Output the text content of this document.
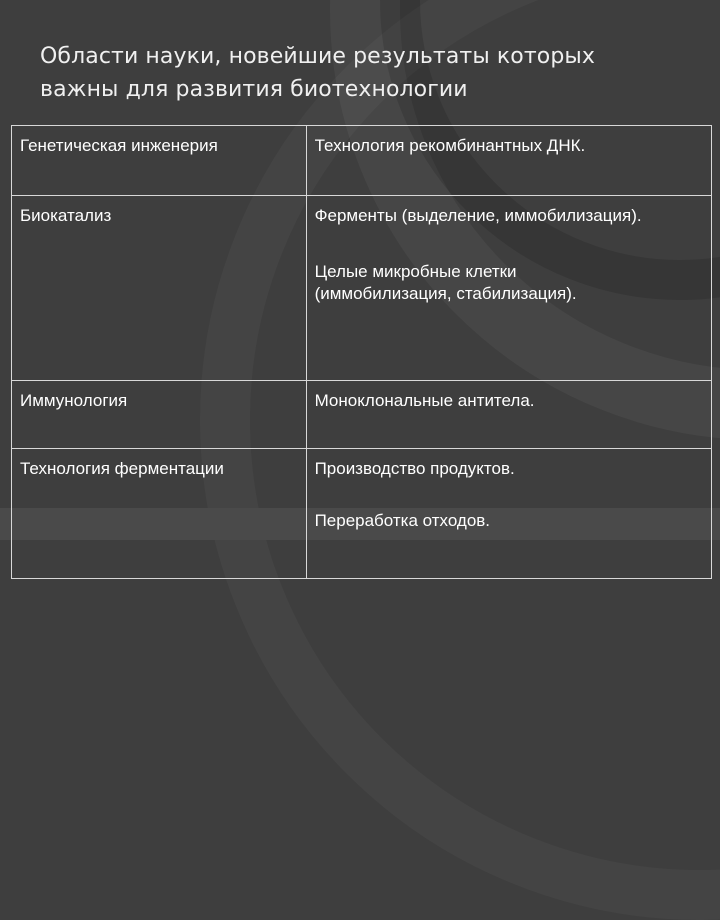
Области науки, новейшие результаты которых
важны для развития биотехнологии
Генетическая инженерия	Технология рекомбинантных ДНК.

Биокатализ	Ферменты (выделение, иммобилизация).
Целые микробные клетки
(иммобилизация, стабилизация).

Иммунология	Моноклональные антитела.

Технология ферментации	Производство продуктов.
Переработка отходов.
